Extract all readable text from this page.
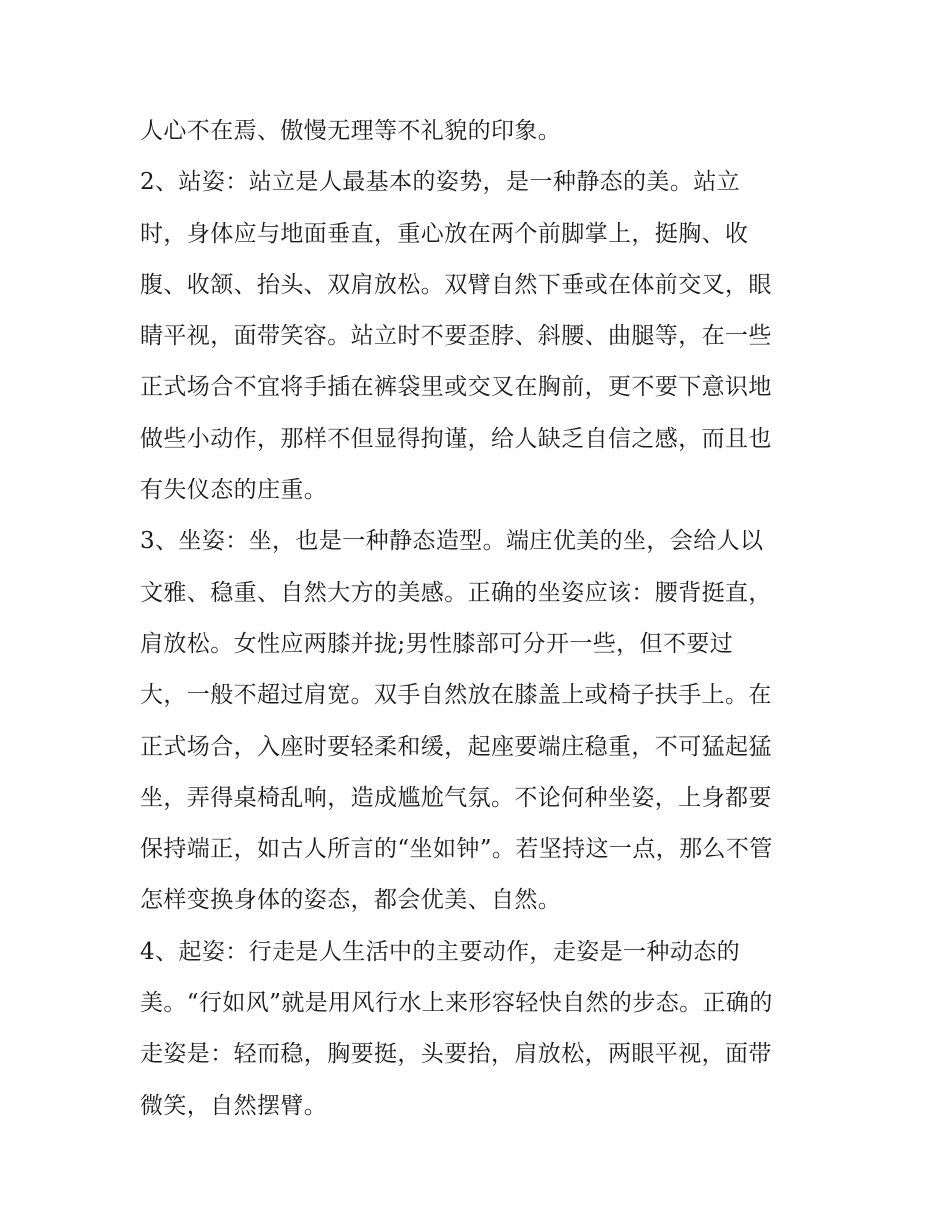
人心不在焉、傲慢无理等不礼貌的印象。
2、站姿：站立是人最基本的姿势，是一种静态的美。站立
时，身体应与地面垂直，重心放在两个前脚掌上，挺胸、收
腹、收颔、抬头、双肩放松。双臂自然下垂或在体前交叉，眼
睛平视，面带笑容。站立时不要歪脖、斜腰、曲腿等，在一些
正式场合不宜将手插在裤袋里或交叉在胸前，更不要下意识地
做些小动作，那样不但显得拘谨，给人缺乏自信之感，而且也
有失仪态的庄重。
3、坐姿：坐，也是一种静态造型。端庄优美的坐，会给人以
文雅、稳重、自然大方的美感。正确的坐姿应该：腰背挺直，
肩放松。女性应两膝并拢;男性膝部可分开一些，但不要过
大，一般不超过肩宽。双手自然放在膝盖上或椅子扶手上。在
正式场合，入座时要轻柔和缓，起座要端庄稳重，不可猛起猛
坐，弄得桌椅乱响，造成尴尬气氛。不论何种坐姿，上身都要
保持端正，如古人所言的“坐如钟”。若坚持这一点，那么不管
怎样变换身体的姿态，都会优美、自然。
4、起姿：行走是人生活中的主要动作，走姿是一种动态的
美。“行如风”就是用风行水上来形容轻快自然的步态。正确的
走姿是：轻而稳，胸要挺，头要抬，肩放松，两眼平视，面带
微笑，自然摆臂。
